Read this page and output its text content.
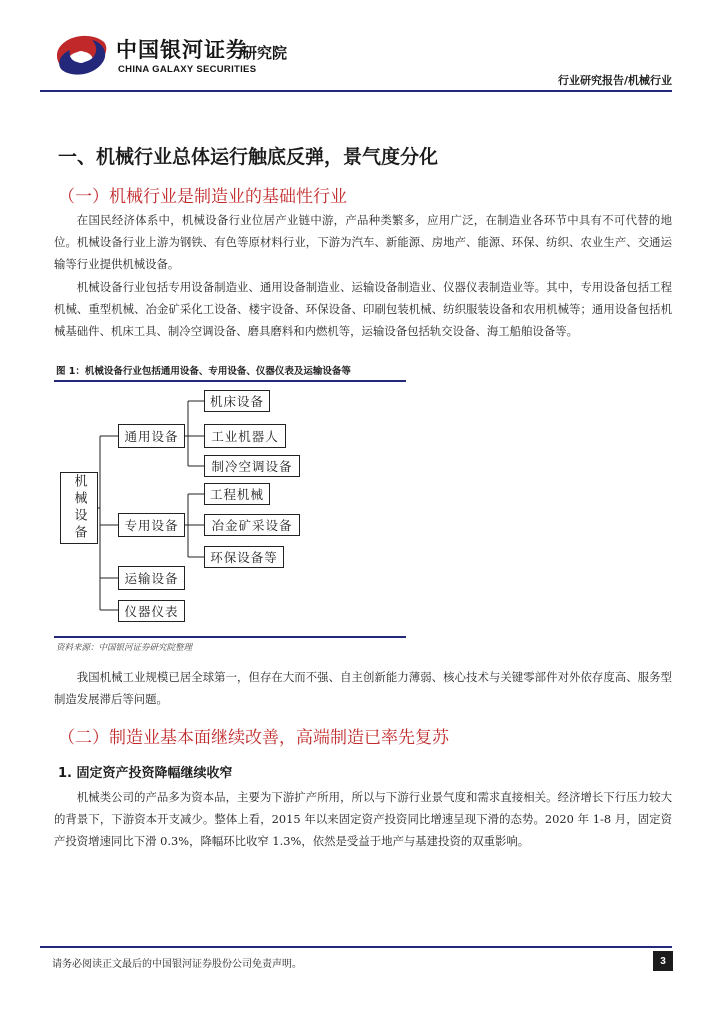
中国银河证券
CHINA GALAXY SECURITIES
研究院
行业研究报告/机械行业
一、机械行业总体运行触底反弹，景气度分化
（一）机械行业是制造业的基础性行业
在国民经济体系中，机械设备行业位居产业链中游，产品种类繁多，应用广泛，在制造业各环节中具有不可代替的地位。机械设备行业上游为钢铁、有色等原材料行业，下游为汽车、新能源、房地产、能源、环保、纺织、农业生产、交通运输等行业提供机械设备。
机械设备行业包括专用设备制造业、通用设备制造业、运输设备制造业、仪器仪表制造业等。其中，专用设备包括工程机械、重型机械、冶金矿采化工设备、楼宇设备、环保设备、印刷包装机械、纺织服装设备和农用机械等；通用设备包括机械基础件、机床工具、制冷空调设备、磨具磨料和内燃机等，运输设备包括轨交设备、海工船舶设备等。
图 1：机械设备行业包括通用设备、专用设备、仪器仪表及运输设备等
机械设备
通用设备
专用设备
运输设备
仪器仪表
机床设备
工业机器人
制冷空调设备
工程机械
冶金矿采设备
环保设备等
资料来源：中国银河证券研究院整理
我国机械工业规模已居全球第一，但存在大而不强、自主创新能力薄弱、核心技术与关键零部件对外依存度高、服务型制造发展滞后等问题。
（二）制造业基本面继续改善，高端制造已率先复苏
1. 固定资产投资降幅继续收窄
机械类公司的产品多为资本品，主要为下游扩产所用，所以与下游行业景气度和需求直接相关。经济增长下行压力较大的背景下，下游资本开支减少。整体上看，2015 年以来固定资产投资同比增速呈现下滑的态势。2020 年 1-8 月，固定资产投资增速同比下滑 0.3%，降幅环比收窄 1.3%，依然是受益于地产与基建投资的双重影响。
请务必阅读正文最后的中国银河证券股份公司免责声明。	3
